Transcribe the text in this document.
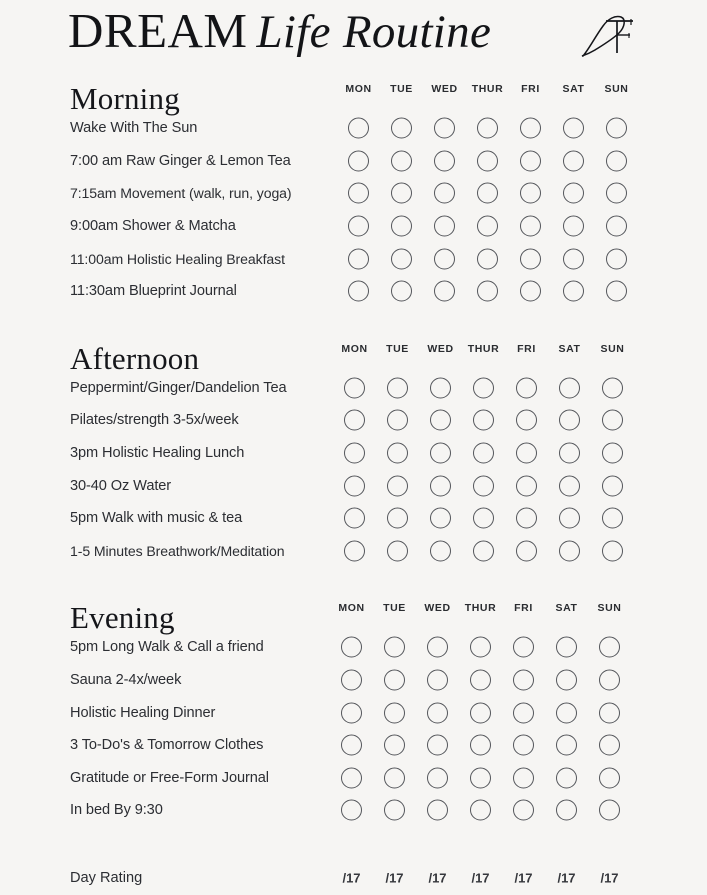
DREAM Life Routine
Morning	MON	TUE	WED	THUR	FRI	SAT	SUN
Wake With The Sun
7:00 am Raw Ginger & Lemon Tea
7:15am Movement (walk, run, yoga)
9:00am Shower & Matcha
11:00am Holistic Healing Breakfast
11:30am Blueprint Journal
Afternoon	MON	TUE	WED	THUR	FRI	SAT	SUN
Peppermint/Ginger/Dandelion Tea
Pilates/strength 3-5x/week
3pm Holistic Healing Lunch
30-40 Oz Water
5pm Walk with music & tea
1-5 Minutes Breathwork/Meditation
Evening	MON	TUE	WED	THUR	FRI	SAT	SUN
5pm Long Walk & Call a friend
Sauna 2-4x/week
Holistic Healing Dinner
3 To-Do's & Tomorrow Clothes
Gratitude or Free-Form Journal
In bed By 9:30
Day Rating	/17	/17	/17	/17	/17	/17	/17
